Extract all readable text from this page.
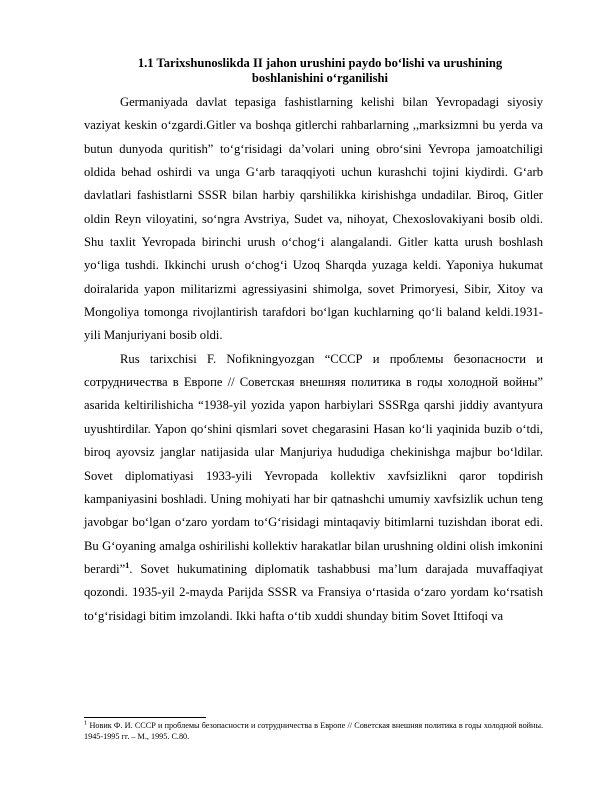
1.1 Tarixshunoslikda II jahon urushini paydo bo‘lishi va urushining boshlanishini o‘rganilishi

Germaniyada davlat tepasiga fashistlarning kelishi bilan Yevropadagi siyosiy vaziyat keskin o‘zgardi.Gitler va boshqa gitlerchi rahbarlarning ,,marksizmni bu yerda va butun dunyoda quritish” to‘g‘risidagi da’volari uning obro‘sini Yevropa jamoatchiligi oldida behad oshirdi va unga G‘arb taraqqiyoti uchun kurashchi tojini kiydirdi. G‘arb davlatlari fashistlarni SSSR bilan harbiy qarshilikka kirishishga undadilar. Biroq, Gitler oldin Reyn viloyatini, so‘ngra Avstriya, Sudet va, nihoyat, Chexoslovakiyani bosib oldi. Shu taxlit Yevropada birinchi urush o‘chog‘i alangalandi. Gitler katta urush boshlash yo‘liga tushdi. Ikkinchi urush o‘chog‘i Uzoq Sharqda yuzaga keldi. Yaponiya hukumat doiralarida yapon militarizmi agressiyasini shimolga, sovet Primoryesi, Sibir, Xitoy va Mongoliya tomonga rivojlantirish tarafdori bo‘lgan kuchlarning qo‘li baland keldi.1931-yili Manjuriyani bosib oldi.

Rus tarixchisi F. Nofikningyozgan “СССР и проблемы безопасности и сотрудничества в Европе // Советская внешняя политика в годы холодной войны” asarida keltirilishicha “1938-yil yozida yapon harbiylari SSSRga qarshi jiddiy avantyura uyushtirdilar. Yapon qo‘shini qismlari sovet chegarasini Hasan ko‘li yaqinida buzib o‘tdi, biroq ayovsiz janglar natijasida ular Manjuriya hududiga chekinishga majbur bo‘ldilar. Sovet diplomatiyasi 1933-yili Yevropada kollektiv xavfsizlikni qaror topdirish kampaniyasini boshladi. Uning mohiyati har bir qatnashchi umumiy xavfsizlik uchun teng javobgar bo‘lgan o‘zaro yordam to‘G‘risidagi mintaqaviy bitimlarni tuzishdan iborat edi. Bu G‘oyaning amalga oshirilishi kollektiv harakatlar bilan urushning oldini olish imkonini berardi”$^1$. Sovet hukumatining diplomatik tashabbusi ma’lum darajada muvaffaqiyat qozondi. 1935-yil 2-mayda Parijda SSSR va Fransiya o‘rtasida o‘zaro yordam ko‘rsatish to‘g‘risidagi bitim imzolandi. Ikki hafta o‘tib xuddi shunday bitim Sovet Ittifoqi va

$^1$ Новик Ф. И. СССР и проблемы безопасности и сотрудничества в Европе // Советская внешняя политика в годы холодной войны. 1945-1995 гг. – М., 1995. С.80.
